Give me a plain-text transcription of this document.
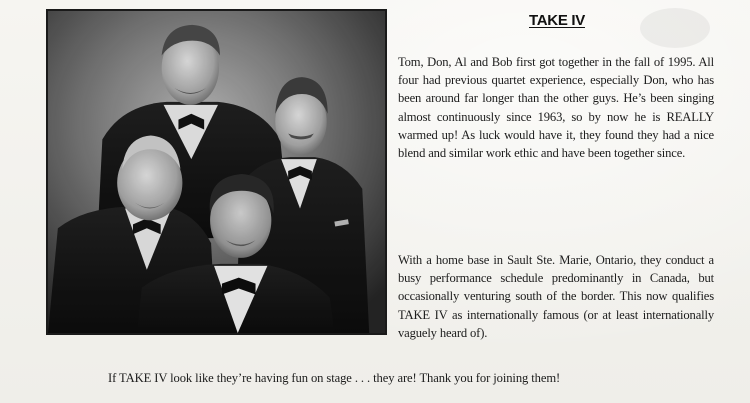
TAKE IV

Tom, Don, Al and Bob first got together in the fall of 1995. All four had previous quartet experience, especially Don, who has been around far longer than the other guys. He’s been singing almost continuously since 1963, so by now he is REALLY warmed up! As luck would have it, they found they had a nice blend and similar work ethic and have been together since.

With a home base in Sault Ste. Marie, Ontario, they conduct a busy performance schedule predominantly in Canada, but occasionally venturing south of the border. This now qualifies TAKE IV as internationally famous (or at least internationally vaguely heard of).

If TAKE IV look like they’re having fun on stage . . . they are! Thank you for joining them!
